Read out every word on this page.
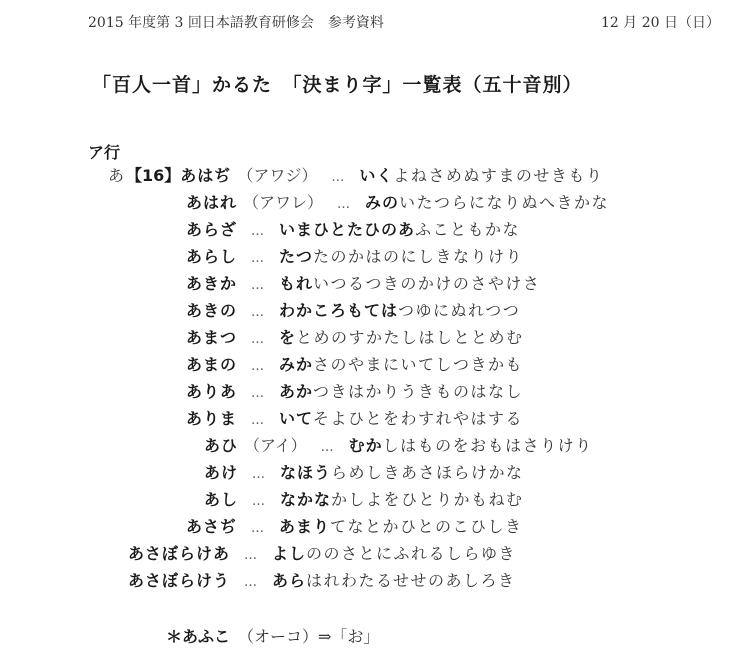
2015 年度第 3 回日本語教育研修会　参考資料	12 月 20 日（日）
「百人一首」かるた　「決まり字」一覧表（五十音別）
ア行
あ 【16】あはぢ （アワジ） … いくよねさめぬすまのせきもり
あはれ （アワレ） … みのいたつらになりぬへきかな
あらざ … いまひとたひのあふこともかな
あらし … たつたのかはのにしきなりけり
あきか … もれいつるつきのかけのさやけさ
あきの … わかころもてはつゆにぬれつつ
あまつ … をとめのすかたしはしととめむ
あまの … みかさのやまにいてしつきかも
ありあ … あかつきはかりうきものはなし
ありま … いてそよひとをわすれやはする
あひ （アイ） … むかしはものをおもはさりけり
あけ … なほうらめしきあさほらけかな
あし … なかなかしよをひとりかもねむ
あさぢ … あまりてなとかひとのこひしき
あさぼらけあ … よしののさとにふれるしらゆき
あさぼらけう … あらはれわたるせせのあしろき
＊あふこ （オーコ）⇒「お」
